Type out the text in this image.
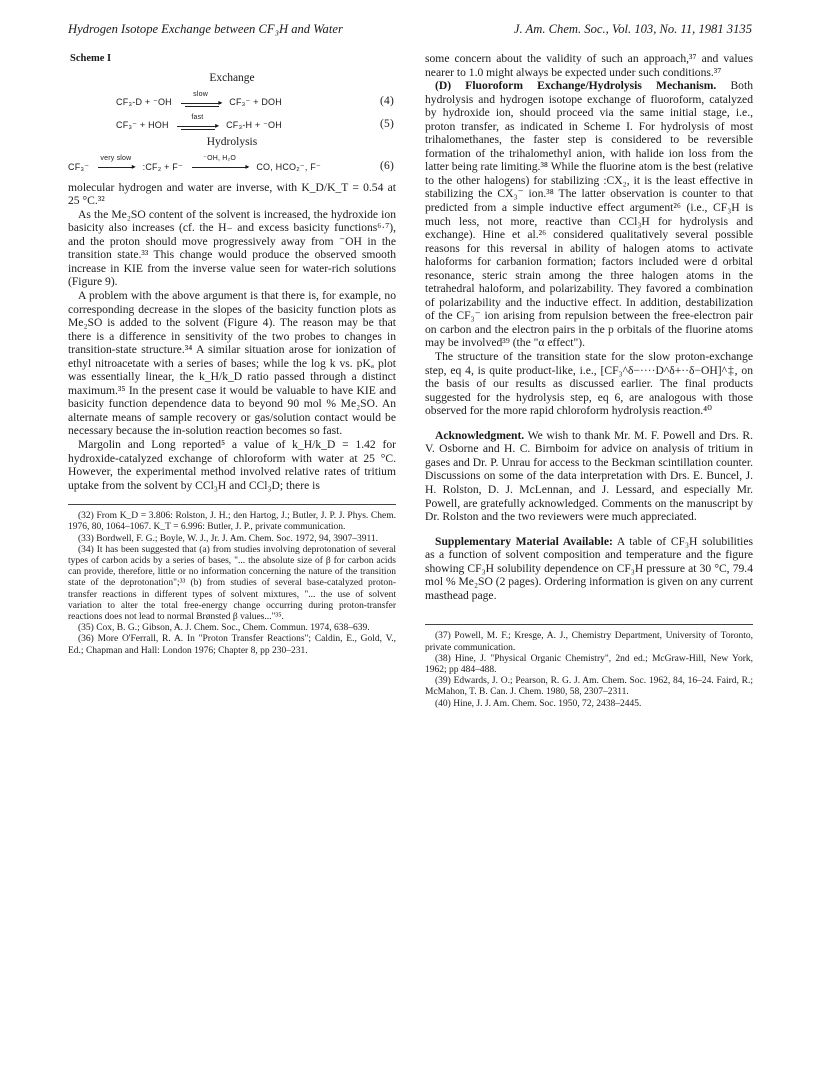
Hydrogen Isotope Exchange between CF₃H and Water	J. Am. Chem. Soc., Vol. 103, No. 11, 1981 3135
Scheme I
Exchange
CF₃-D + ⁻OH
slow
▸ CF₃⁻ + DOH	(4)
CF₃⁻ + HOH
fast
▸ CF₃-H + ⁻OH	(5)
Hydrolysis
CF₃⁻
very slow
▸ :CF₂ + F⁻
⁻OH, H₂O
▸ CO, HCO₂⁻, F⁻	(6)

molecular hydrogen and water are inverse, with K_D/K_T = 0.54 at 25 °C.³²

As the Me₂SO content of the solvent is increased, the hydroxide ion basicity also increases (cf. the H₋ and excess basicity functions⁶·⁷), and the proton should move progressively away from ⁻OH in the transition state.³³ This change would produce the observed smooth increase in KIE from the inverse value seen for water-rich solutions (Figure 9).

A problem with the above argument is that there is, for example, no corresponding decrease in the slopes of the basicity function plots as Me₂SO is added to the solvent (Figure 4). The reason may be that there is a difference in sensitivity of the two probes to changes in transition-state structure.³⁴ A similar situation arose for ionization of ethyl nitroacetate with a series of bases; while the log k vs. pKₐ plot was essentially linear, the k_H/k_D ratio passed through a distinct maximum.³⁵ In the present case it would be valuable to have KIE and basicity function dependence data to beyond 90 mol % Me₂SO. An alternate means of sample recovery or gas/solution contact would be necessary because the in-solution reaction becomes so fast.

Margolin and Long reported⁵ a value of k_H/k_D = 1.42 for hydroxide-catalyzed exchange of chloroform with water at 25 °C. However, the experimental method involved relative rates of tritium uptake from the solvent by CCl₃H and CCl₃D; there is

(32) From K_D = 3.806: Rolston, J. H.; den Hartog, J.; Butler, J. P. J. Phys. Chem. 1976, 80, 1064–1067. K_T = 6.996: Butler, J. P., private communication.
(33) Bordwell, F. G.; Boyle, W. J., Jr. J. Am. Chem. Soc. 1972, 94, 3907–3911.
(34) It has been suggested that (a) from studies involving deprotonation of several types of carbon acids by a series of bases, "... the absolute size of β for carbon acids can provide, therefore, little or no information concerning the nature of the transition state of the deprotonation";³³ (b) from studies of several base-catalyzed proton-transfer reactions in different types of solvent mixtures, "... the use of solvent variation to alter the total free-energy change occurring during proton-transfer reactions does not lead to normal Brønsted β values..."³⁵.
(35) Cox, B. G.; Gibson, A. J. Chem. Soc., Chem. Commun. 1974, 638–639.
(36) More O'Ferrall, R. A. In "Proton Transfer Reactions"; Caldin, E., Gold, V., Ed.; Chapman and Hall: London 1976; Chapter 8, pp 230–231.

some concern about the validity of such an approach,³⁷ and values nearer to 1.0 might always be expected under such conditions.³⁷

(D) Fluoroform Exchange/Hydrolysis Mechanism. Both hydrolysis and hydrogen isotope exchange of fluoroform, catalyzed by hydroxide ion, should proceed via the same initial stage, i.e., proton transfer, as indicated in Scheme I. For hydrolysis of most trihalomethanes, the faster step is considered to be reversible formation of the trihalomethyl anion, with halide ion loss from the latter being rate limiting.³⁸ While the fluorine atom is the best (relative to the other halogens) for stabilizing :CX₂, it is the least effective in stabilizing the CX₃⁻ ion.³⁸ The latter observation is counter to that predicted from a simple inductive effect argument²⁶ (i.e., CF₃H is much less, not more, reactive than CCl₃H for hydrolysis and exchange). Hine et al.²⁶ considered qualitatively several possible reasons for this reversal in ability of halogen atoms to activate haloforms for carbanion formation; factors included were d orbital resonance, steric strain among the three halogen atoms in the tetrahedral haloform, and polarizability. They favored a combination of polarizability and the inductive effect. In addition, destabilization of the CF₃⁻ ion arising from repulsion between the free-electron pair on carbon and the electron pairs in the p orbitals of the fluorine atoms may be involved³⁹ (the "α effect").

The structure of the transition state for the slow proton-exchange step, eq 4, is quite product-like, i.e., [CF₃^δ−····D^δ+··δ−OH]^‡, on the basis of our results as discussed earlier. The final products suggested for the hydrolysis step, eq 6, are analogous with those observed for the more rapid chloroform hydrolysis reaction.⁴⁰

Acknowledgment. We wish to thank Mr. M. F. Powell and Drs. R. V. Osborne and H. C. Birnboim for advice on analysis of tritium in gases and Dr. P. Unrau for access to the Beckman scintillation counter. Discussions on some of the data interpretation with Drs. E. Buncel, J. H. Rolston, D. J. McLennan, and J. Lessard, and especially Mr. Powell, are gratefully acknowledged. Comments on the manuscript by Dr. Rolston and the two reviewers were much appreciated.

Supplementary Material Available: A table of CF₃H solubilities as a function of solvent composition and temperature and the figure showing CF₃H solubility dependence on CF₃H pressure at 30 °C, 79.4 mol % Me₂SO (2 pages). Ordering information is given on any current masthead page.

(37) Powell, M. F.; Kresge, A. J., Chemistry Department, University of Toronto, private communication.
(38) Hine, J. "Physical Organic Chemistry", 2nd ed.; McGraw-Hill, New York, 1962; pp 484–488.
(39) Edwards, J. O.; Pearson, R. G. J. Am. Chem. Soc. 1962, 84, 16–24. Faird, R.; McMahon, T. B. Can. J. Chem. 1980, 58, 2307–2311.
(40) Hine, J. J. Am. Chem. Soc. 1950, 72, 2438–2445.
